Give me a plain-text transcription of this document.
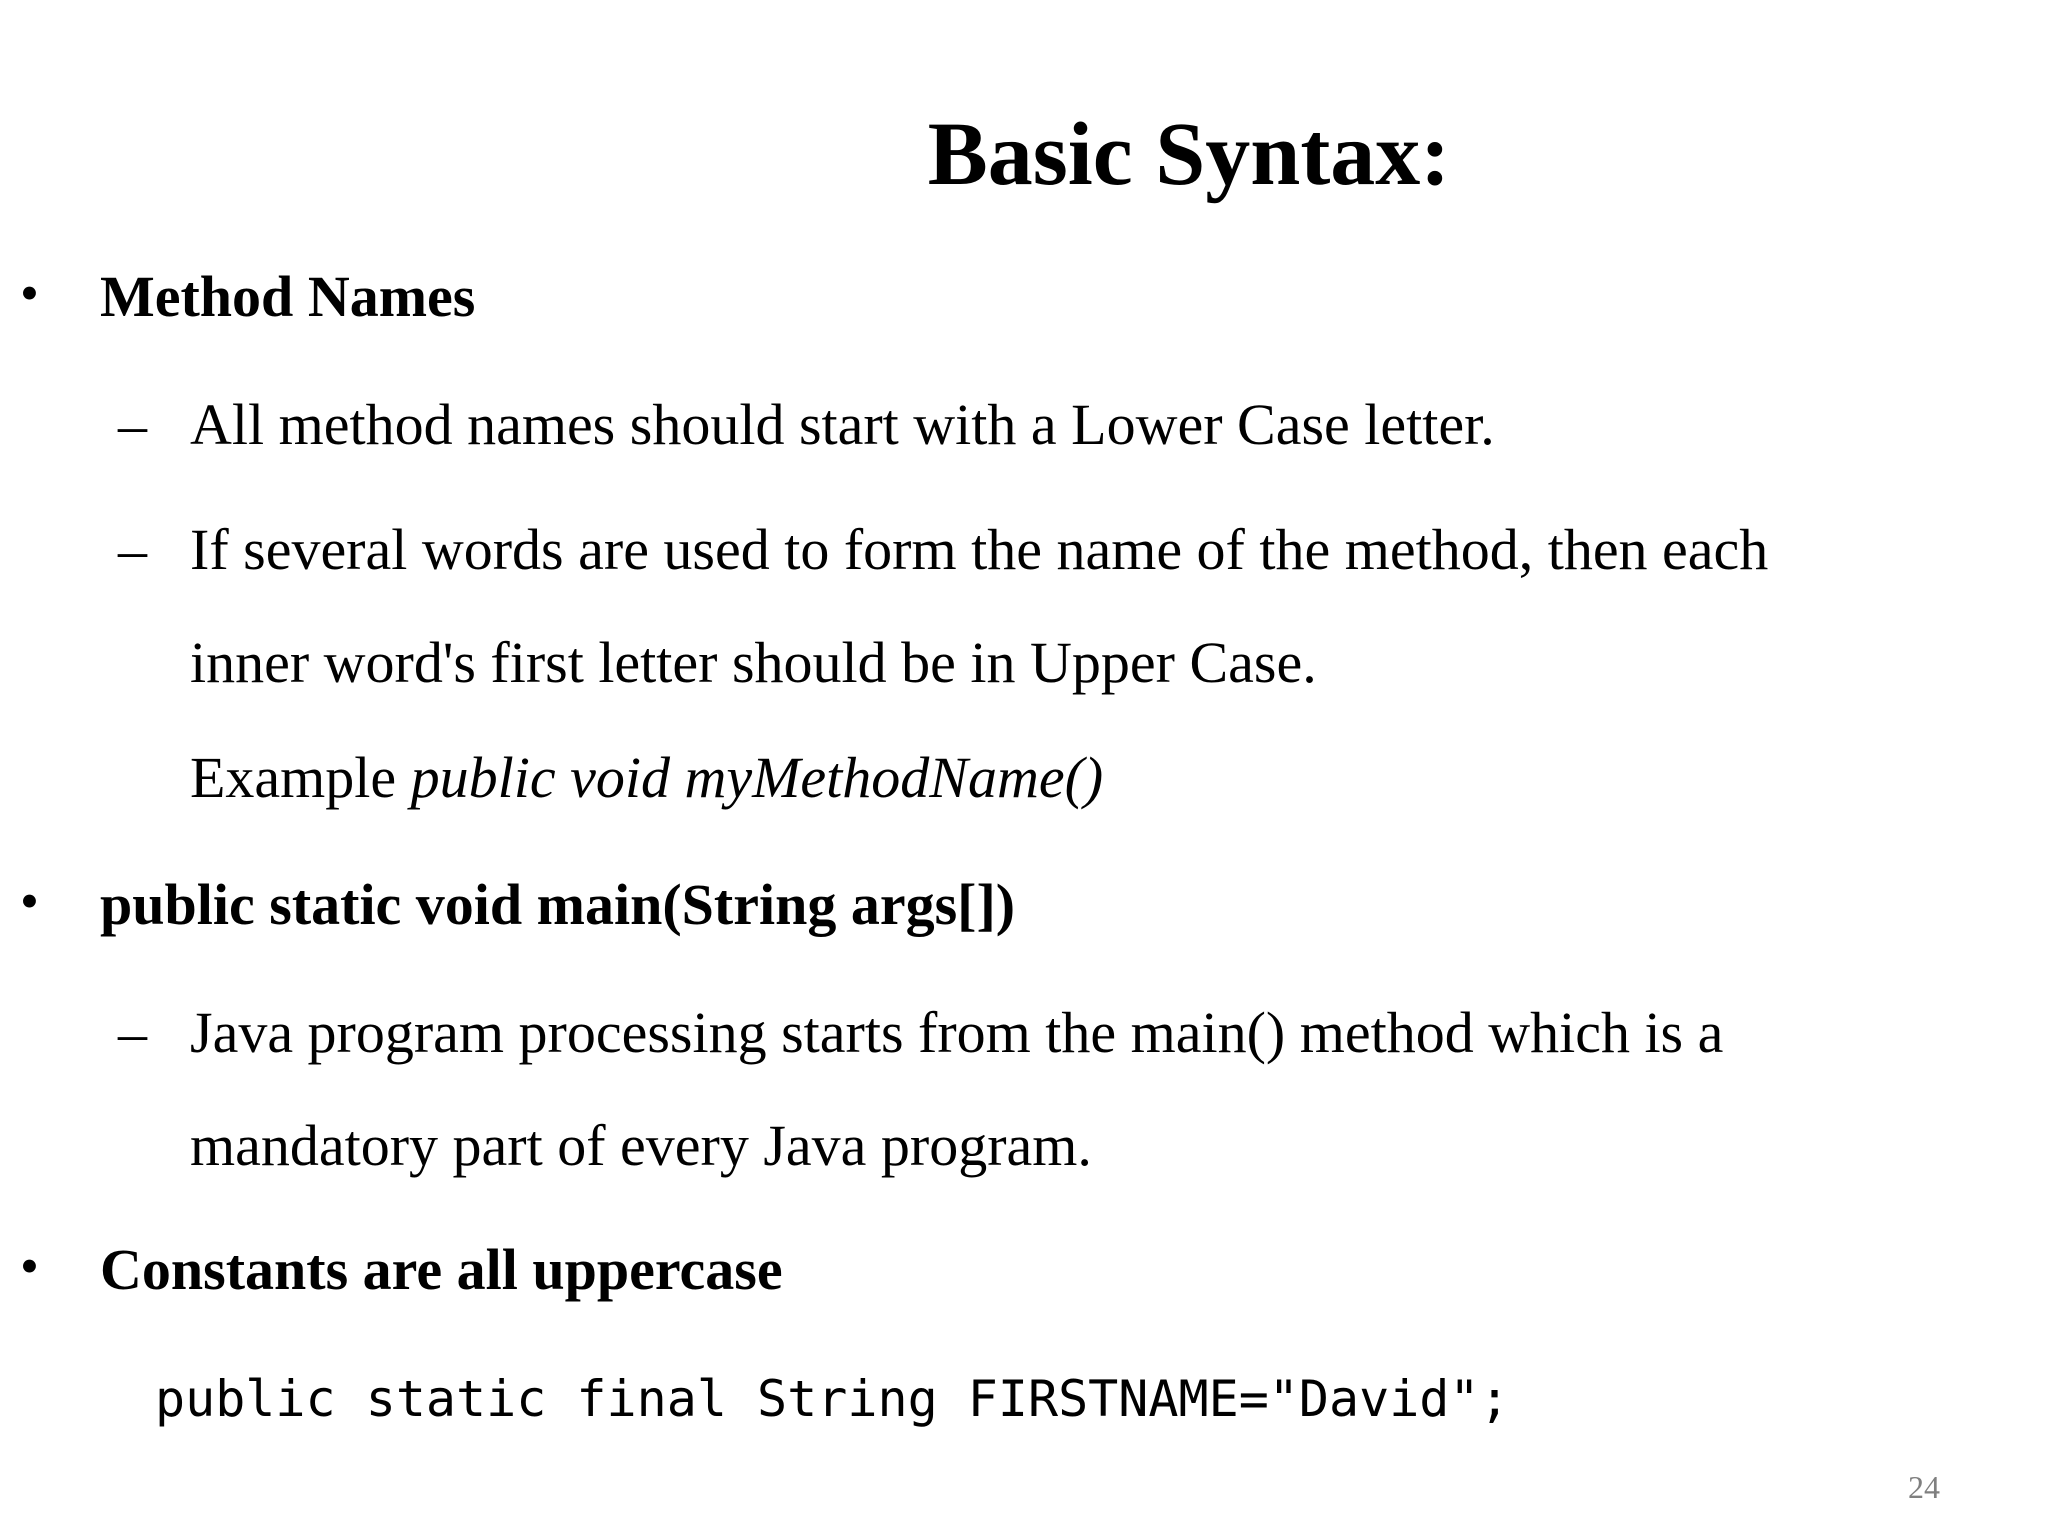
Basic Syntax:
• Method Names
– All method names should start with a Lower Case letter.
– If several words are used to form the name of the method, then each
inner word's first letter should be in Upper Case.
Example public void myMethodName()
• public static void main(String args[])
– Java program processing starts from the main() method which is a
mandatory part of every Java program.
• Constants are all uppercase
public static final String FIRSTNAME="David";
24
